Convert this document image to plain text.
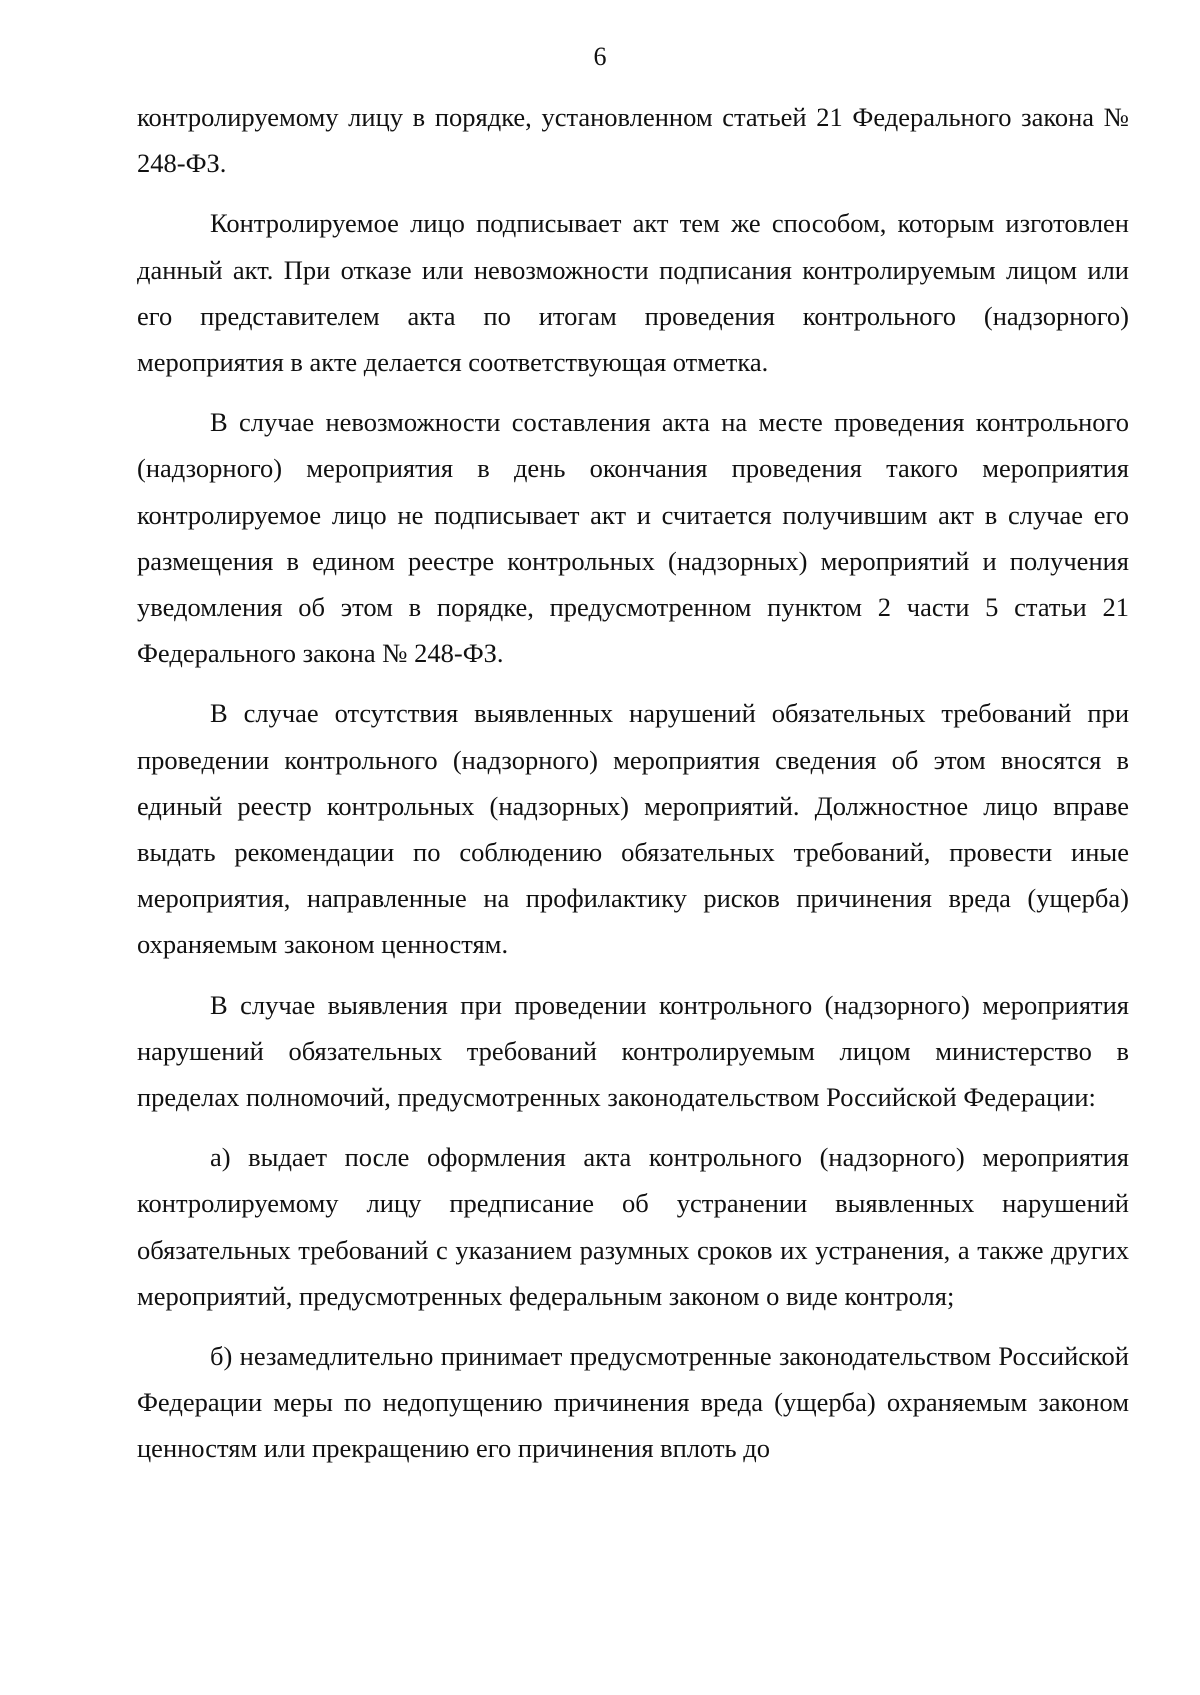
6

контролируемому лицу в порядке, установленном статьей 21 Федерального закона № 248-ФЗ.

Контролируемое лицо подписывает акт тем же способом, которым изготовлен данный акт. При отказе или невозможности подписания контролируемым лицом или его представителем акта по итогам проведения контрольного (надзорного) мероприятия в акте делается соответствующая отметка.

В случае невозможности составления акта на месте проведения контрольного (надзорного) мероприятия в день окончания проведения такого мероприятия контролируемое лицо не подписывает акт и считается получившим акт в случае его размещения в едином реестре контрольных (надзорных) мероприятий и получения уведомления об этом в порядке, предусмотренном пунктом 2 части 5 статьи 21 Федерального закона № 248-ФЗ.

В случае отсутствия выявленных нарушений обязательных требований при проведении контрольного (надзорного) мероприятия сведения об этом вносятся в единый реестр контрольных (надзорных) мероприятий. Должностное лицо вправе выдать рекомендации по соблюдению обязательных требований, провести иные мероприятия, направленные на профилактику рисков причинения вреда (ущерба) охраняемым законом ценностям.

В случае выявления при проведении контрольного (надзорного) мероприятия нарушений обязательных требований контролируемым лицом министерство в пределах полномочий, предусмотренных законодательством Российской Федерации:

а) выдает после оформления акта контрольного (надзорного) мероприятия контролируемому лицу предписание об устранении выявленных нарушений обязательных требований с указанием разумных сроков их устранения, а также других мероприятий, предусмотренных федеральным законом о виде контроля;

б) незамедлительно принимает предусмотренные законодательством Российской Федерации меры по недопущению причинения вреда (ущерба) охраняемым законом ценностям или прекращению его причинения вплоть до
